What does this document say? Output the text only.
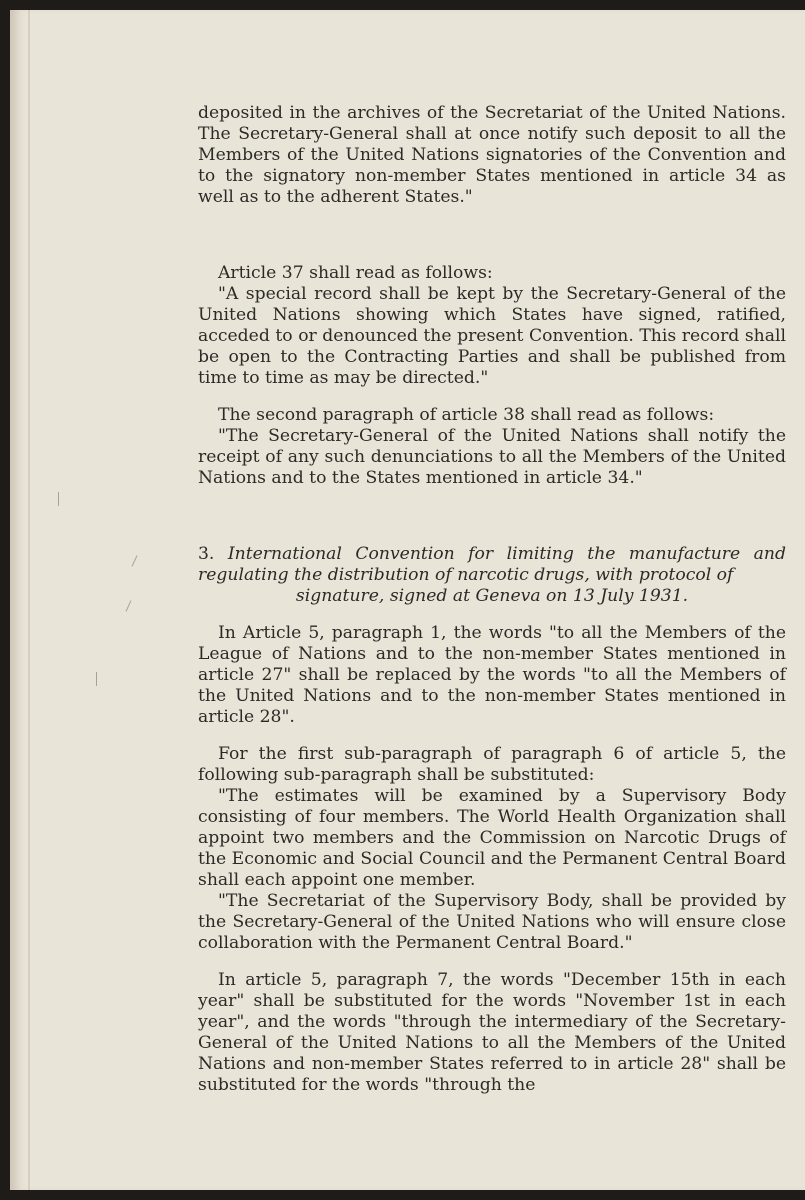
deposited in the archives of the Secretariat of the United Nations. The Secretary-General shall at once notify such deposit to all the Members of the United Nations signatories of the Convention and to the signatory non-member States mentioned in article 34 as well as to the adherent States."

Article 37 shall read as follows:

"A special record shall be kept by the Secretary-General of the United Nations showing which States have signed, ratified, acceded to or denounced the present Convention. This record shall be open to the Contracting Parties and shall be published from time to time as may be directed."

The second paragraph of article 38 shall read as follows:

"The Secretary-General of the United Nations shall notify the receipt of any such denunciations to all the Members of the United Nations and to the States mentioned in article 34."

3. International Convention for limiting the manufacture and regulating the distribution of narcotic drugs, with protocol of

signature, signed at Geneva on 13 July 1931.

In Article 5, paragraph 1, the words "to all the Members of the League of Nations and to the non-member States mentioned in article 27" shall be replaced by the words "to all the Members of the United Nations and to the non-member States mentioned in article 28".

For the first sub-paragraph of paragraph 6 of article 5, the following sub-paragraph shall be substituted:

"The estimates will be examined by a Supervisory Body consisting of four members. The World Health Organization shall appoint two members and the Commission on Narcotic Drugs of the Economic and Social Council and the Permanent Central Board shall each appoint one member.

"The Secretariat of the Supervisory Body, shall be provided by the Secretary-General of the United Nations who will ensure close collaboration with the Permanent Central Board."

In article 5, paragraph 7, the words "December 15th in each year" shall be substituted for the words "November 1st in each year", and the words "through the intermediary of the Secretary-General of the United Nations to all the Members of the United Nations and non-member States referred to in article 28" shall be substituted for the words "through the
